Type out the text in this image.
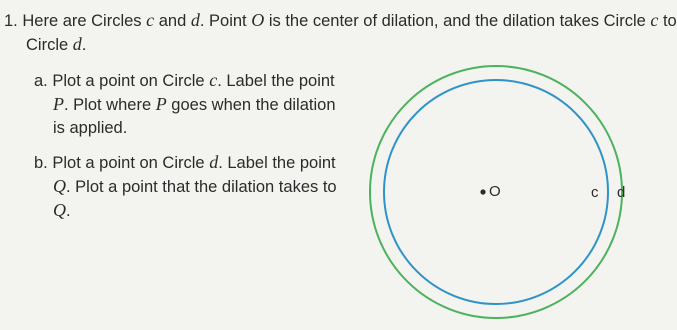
1. Here are Circles c and d. Point O is the center of dilation, and the dilation takes Circle c to
Circle d.
a. Plot a point on Circle c. Label the point
P. Plot where P goes when the dilation
is applied.
b. Plot a point on Circle d. Label the point
Q. Plot a point that the dilation takes to
Q.
O	c d
